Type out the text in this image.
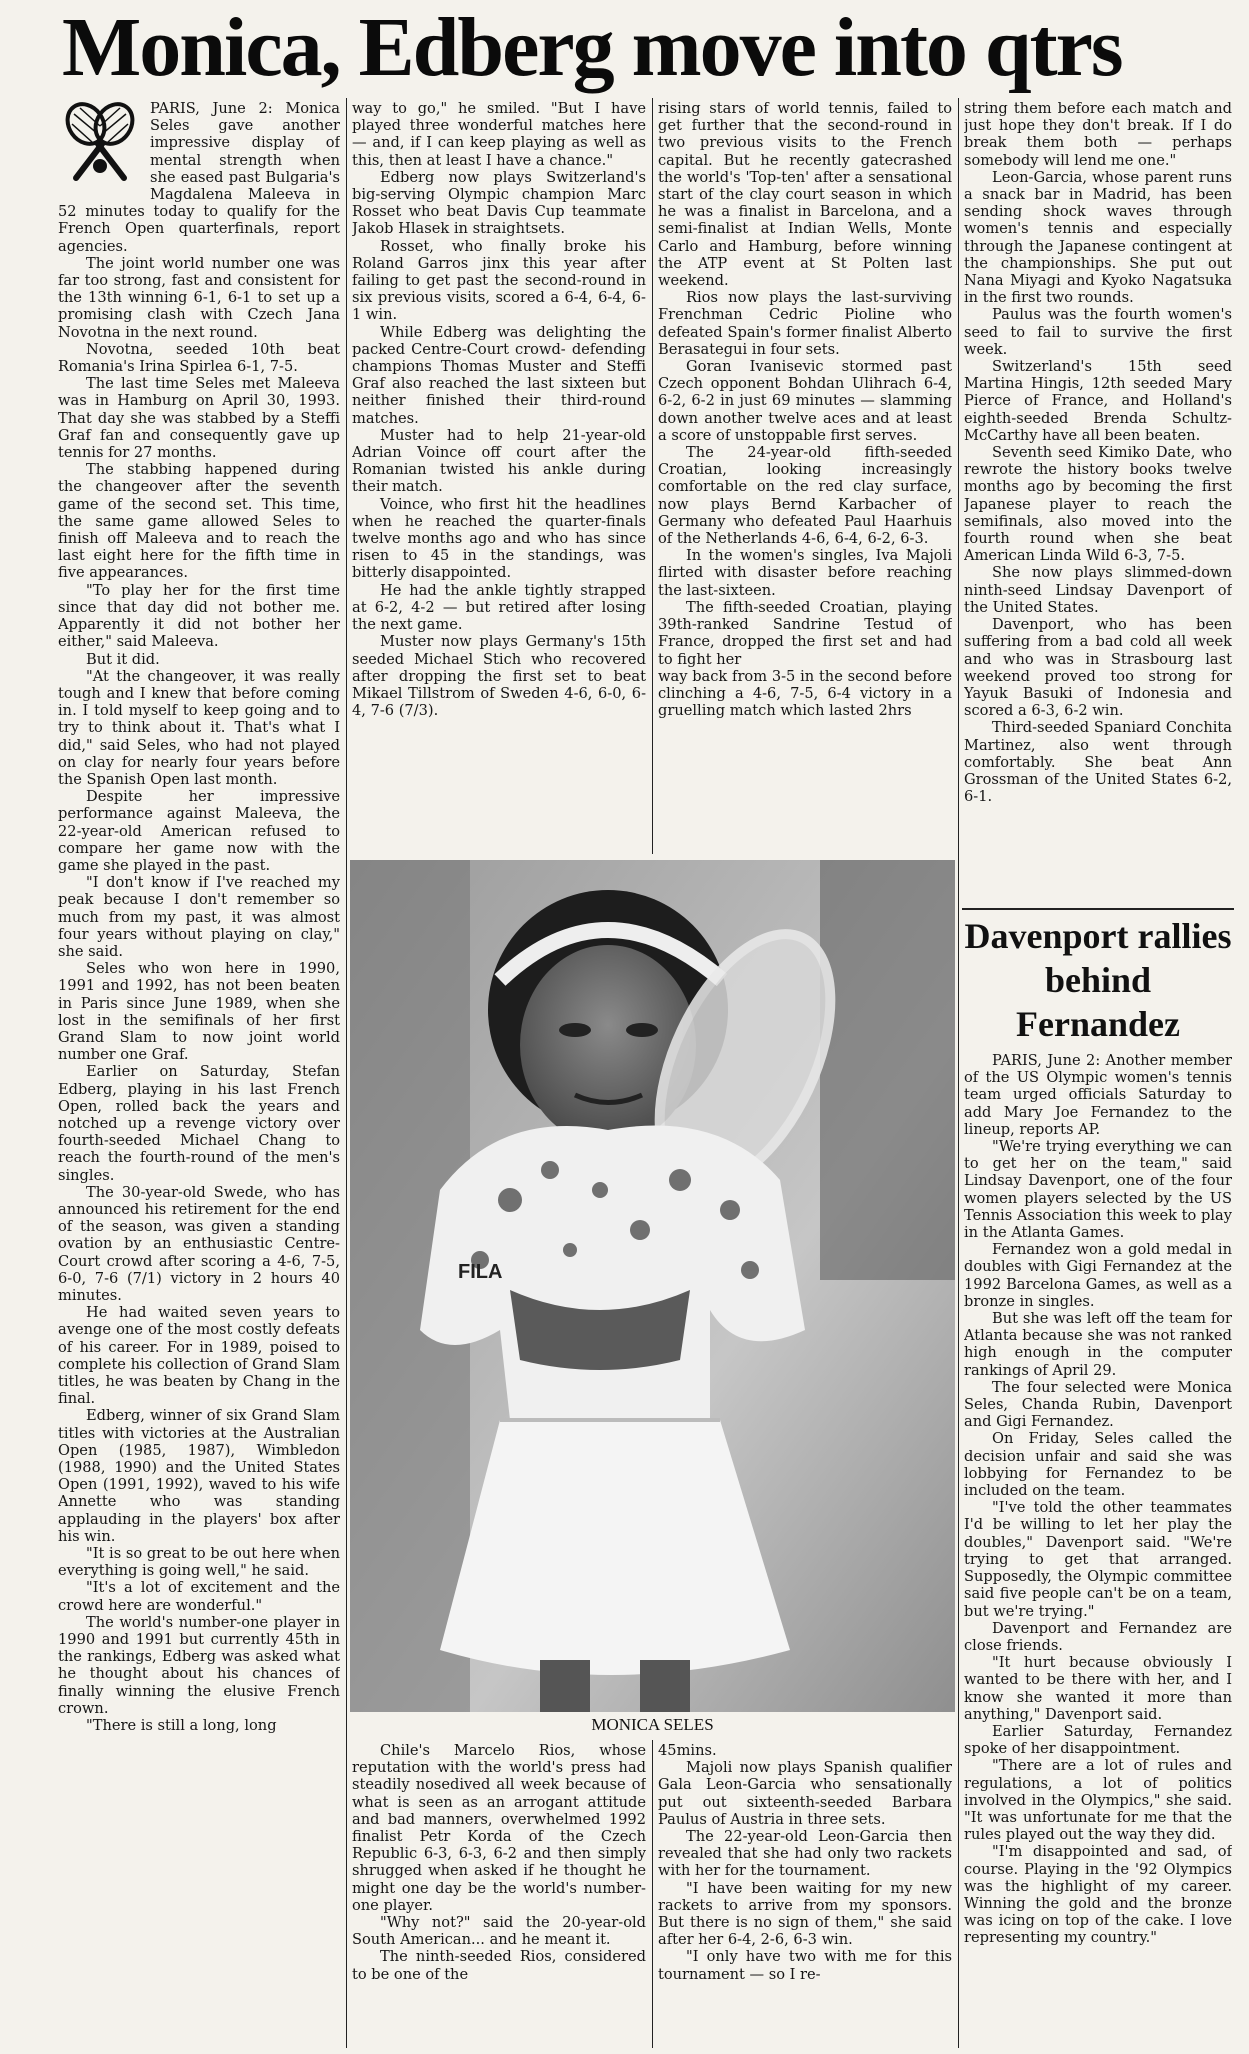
Monica, Edberg move into qtrs

PARIS, June 2: Monica Seles gave another impressive display of mental strength when she eased past Bulgaria's Magdalena Maleeva in 52 minutes today to qualify for the French Open quarterfinals, report agencies.

The joint world number one was far too strong, fast and consistent for the 13th winning 6-1, 6-1 to set up a promising clash with Czech Jana Novotna in the next round.

Novotna, seeded 10th beat Romania's Irina Spirlea 6-1, 7-5.

The last time Seles met Maleeva was in Hamburg on April 30, 1993. That day she was stabbed by a Steffi Graf fan and consequently gave up tennis for 27 months.

The stabbing happened during the changeover after the seventh game of the second set. This time, the same game allowed Seles to finish off Maleeva and to reach the last eight here for the fifth time in five appearances.

"To play her for the first time since that day did not bother me. Apparently it did not bother her either," said Maleeva.

But it did.

"At the changeover, it was really tough and I knew that before coming in. I told myself to keep going and to try to think about it. That's what I did," said Seles, who had not played on clay for nearly four years before the Spanish Open last month.

Despite her impressive performance against Maleeva, the 22-year-old American refused to compare her game now with the game she played in the past.

"I don't know if I've reached my peak because I don't remember so much from my past, it was almost four years without playing on clay," she said.

Seles who won here in 1990, 1991 and 1992, has not been beaten in Paris since June 1989, when she lost in the semifinals of her first Grand Slam to now joint world number one Graf.

Earlier on Saturday, Stefan Edberg, playing in his last French Open, rolled back the years and notched up a revenge victory over fourth-seeded Michael Chang to reach the fourth-round of the men's singles.

The 30-year-old Swede, who has announced his retirement for the end of the season, was given a standing ovation by an enthusiastic Centre-Court crowd after scoring a 4-6, 7-5, 6-0, 7-6 (7/1) victory in 2 hours 40 minutes.

He had waited seven years to avenge one of the most costly defeats of his career. For in 1989, poised to complete his collection of Grand Slam titles, he was beaten by Chang in the final.

Edberg, winner of six Grand Slam titles with victories at the Australian Open (1985, 1987), Wimbledon (1988, 1990) and the United States Open (1991, 1992), waved to his wife Annette who was standing applauding in the players' box after his win.

"It is so great to be out here when everything is going well," he said.

"It's a lot of excitement and the crowd here are wonderful."

The world's number-one player in 1990 and 1991 but currently 45th in the rankings, Edberg was asked what he thought about his chances of finally winning the elusive French crown.

"There is still a long, long

way to go," he smiled. "But I have played three wonderful matches here — and, if I can keep playing as well as this, then at least I have a chance."

Edberg now plays Switzerland's big-serving Olympic champion Marc Rosset who beat Davis Cup teammate Jakob Hlasek in straightsets.

Rosset, who finally broke his Roland Garros jinx this year after failing to get past the second-round in six previous visits, scored a 6-4, 6-4, 6-1 win.

While Edberg was delighting the packed Centre-Court crowd- defending champions Thomas Muster and Steffi Graf also reached the last sixteen but neither finished their third-round matches.

Muster had to help 21-year-old Adrian Voince off court after the Romanian twisted his ankle during their match.

Voince, who first hit the headlines when he reached the quarter-finals twelve months ago and who has since risen to 45 in the standings, was bitterly disappointed.

He had the ankle tightly strapped at 6-2, 4-2 — but retired after losing the next game.

Muster now plays Germany's 15th seeded Michael Stich who recovered after dropping the first set to beat Mikael Tillstrom of Sweden 4-6, 6-0, 6-4, 7-6 (7/3).

rising stars of world tennis, failed to get further that the second-round in two previous visits to the French capital. But he recently gatecrashed the world's 'Top-ten' after a sensational start of the clay court season in which he was a finalist in Barcelona, and a semi-finalist at Indian Wells, Monte Carlo and Hamburg, before winning the ATP event at St Polten last weekend.

Rios now plays the last-surviving Frenchman Cedric Pioline who defeated Spain's former finalist Alberto Berasategui in four sets.

Goran Ivanisevic stormed past Czech opponent Bohdan Ulihrach 6-4, 6-2, 6-2 in just 69 minutes — slamming down another twelve aces and at least a score of unstoppable first serves.

The 24-year-old fifth-seeded Croatian, looking increasingly comfortable on the red clay surface, now plays Bernd Karbacher of Germany who defeated Paul Haarhuis of the Netherlands 4-6, 6-4, 6-2, 6-3.

In the women's singles, Iva Majoli flirted with disaster before reaching the last-sixteen.

The fifth-seeded Croatian, playing 39th-ranked Sandrine Testud of France, dropped the first set and had to fight her

way back from 3-5 in the second before clinching a 4-6, 7-5, 6-4 victory in a gruelling match which lasted 2hrs

string them before each match and just hope they don't break. If I do break them both — perhaps somebody will lend me one."

Leon-Garcia, whose parent runs a snack bar in Madrid, has been sending shock waves through women's tennis and especially through the Japanese contingent at the championships. She put out Nana Miyagi and Kyoko Nagatsuka in the first two rounds.

Paulus was the fourth women's seed to fail to survive the first week.

Switzerland's 15th seed Martina Hingis, 12th seeded Mary Pierce of France, and Holland's eighth-seeded Brenda Schultz-McCarthy have all been beaten.

Seventh seed Kimiko Date, who rewrote the history books twelve months ago by becoming the first Japanese player to reach the semifinals, also moved into the fourth round when she beat American Linda Wild 6-3, 7-5.

She now plays slimmed-down ninth-seed Lindsay Davenport of the United States.

Davenport, who has been suffering from a bad cold all week and who was in Strasbourg last weekend proved too strong for Yayuk Basuki of Indonesia and scored a 6-3, 6-2 win.

Third-seeded Spaniard Conchita Martinez, also went through comfortably. She beat Ann Grossman of the United States 6-2, 6-1.

Davenport rallies behind Fernandez

PARIS, June 2: Another member of the US Olympic women's tennis team urged officials Saturday to add Mary Joe Fernandez to the lineup, reports AP.

"We're trying everything we can to get her on the team," said Lindsay Davenport, one of the four women players selected by the US Tennis Association this week to play in the Atlanta Games.

Fernandez won a gold medal in doubles with Gigi Fernandez at the 1992 Barcelona Games, as well as a bronze in singles.

But she was left off the team for Atlanta because she was not ranked high enough in the computer rankings of April 29.

The four selected were Monica Seles, Chanda Rubin, Davenport and Gigi Fernandez.

On Friday, Seles called the decision unfair and said she was lobbying for Fernandez to be included on the team.

"I've told the other teammates I'd be willing to let her play the doubles," Davenport said. "We're trying to get that arranged. Supposedly, the Olympic committee said five people can't be on a team, but we're trying."

Davenport and Fernandez are close friends.

"It hurt because obviously I wanted to be there with her, and I know she wanted it more than anything," Davenport said.

Earlier Saturday, Fernandez spoke of her disappointment.

"There are a lot of rules and regulations, a lot of politics involved in the Olympics," she said. "It was unfortunate for me that the rules played out the way they did.

"I'm disappointed and sad, of course. Playing in the '92 Olympics was the highlight of my career. Winning the gold and the bronze was icing on top of the cake. I love representing my country."

FILA
MONICA SELES

Chile's Marcelo Rios, whose reputation with the world's press had steadily nosedived all week because of what is seen as an arrogant attitude and bad manners, overwhelmed 1992 finalist Petr Korda of the Czech Republic 6-3, 6-3, 6-2 and then simply shrugged when asked if he thought he might one day be the world's number-one player.

"Why not?" said the 20-year-old South American... and he meant it.

The ninth-seeded Rios, considered to be one of the

45mins.

Majoli now plays Spanish qualifier Gala Leon-Garcia who sensationally put out sixteenth-seeded Barbara Paulus of Austria in three sets.

The 22-year-old Leon-Garcia then revealed that she had only two rackets with her for the tournament.

"I have been waiting for my new rackets to arrive from my sponsors. But there is no sign of them," she said after her 6-4, 2-6, 6-3 win.

"I only have two with me for this tournament — so I re-
